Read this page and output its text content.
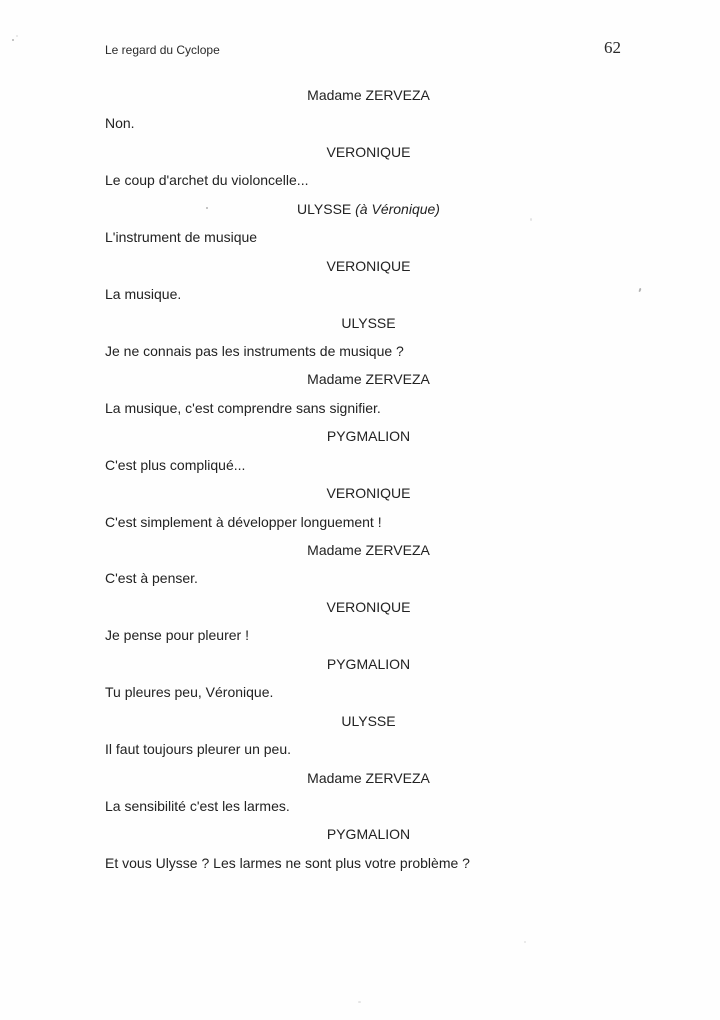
Le regard du Cyclope	62
Madame ZERVEZA
Non.
VERONIQUE
Le coup d'archet du violoncelle...
ULYSSE (à Véronique)
L'instrument de musique
VERONIQUE
La musique.
ULYSSE
Je ne connais pas les instruments de musique ?
Madame ZERVEZA
La musique, c'est comprendre sans signifier.
PYGMALION
C'est plus compliqué...
VERONIQUE
C'est simplement à développer longuement !
Madame ZERVEZA
C'est à penser.
VERONIQUE
Je pense pour pleurer !
PYGMALION
Tu pleures peu, Véronique.
ULYSSE
Il faut toujours pleurer un peu.
Madame ZERVEZA
La sensibilité c'est les larmes.
PYGMALION
Et vous Ulysse ? Les larmes ne sont plus votre problème ?
